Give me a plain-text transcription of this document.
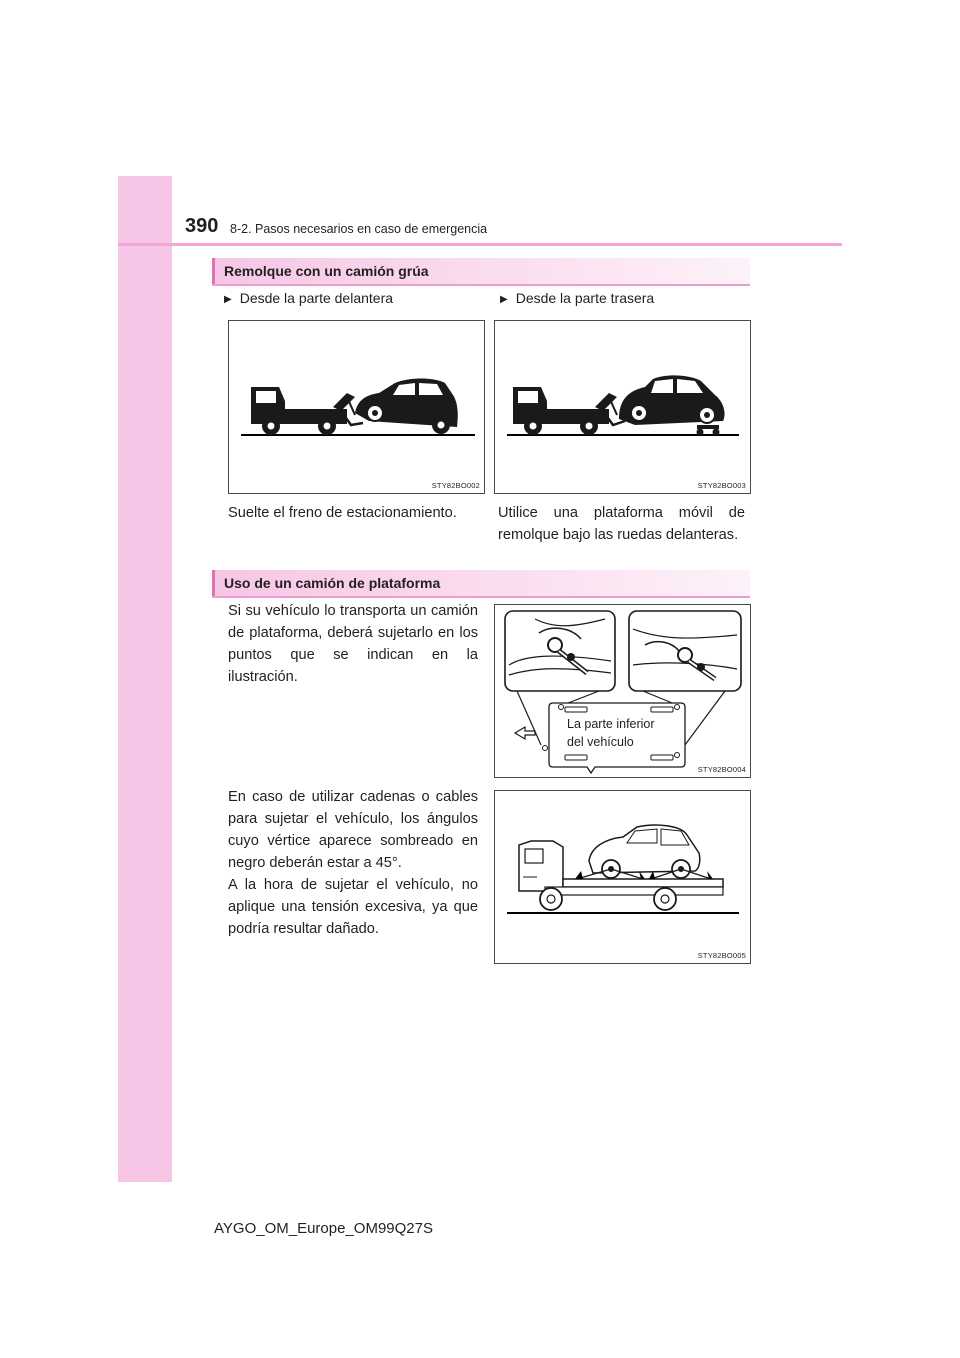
390 8-2. Pasos necesarios en caso de emergencia
Remolque con un camión grúa
▶ Desde la parte delantera	▶ Desde la parte trasera
STY82BO002	STY82BO003

Suelte el freno de estacionamiento.	Utilice una plataforma móvil de remolque bajo las ruedas delanteras.

Uso de un camión de plataforma

Si su vehículo lo transporta un camión de plataforma, deberá sujetarlo en los puntos que se indican en la ilustración.

La parte inferior
del vehículo
STY82BO004

En caso de utilizar cadenas o cables para sujetar el vehículo, los ángulos cuyo vértice aparece sombreado en negro deberán estar a 45°.

A la hora de sujetar el vehículo, no aplique una tensión excesiva, ya que podría resultar dañado.

STY82BO005
AYGO_OM_Europe_OM99Q27S
